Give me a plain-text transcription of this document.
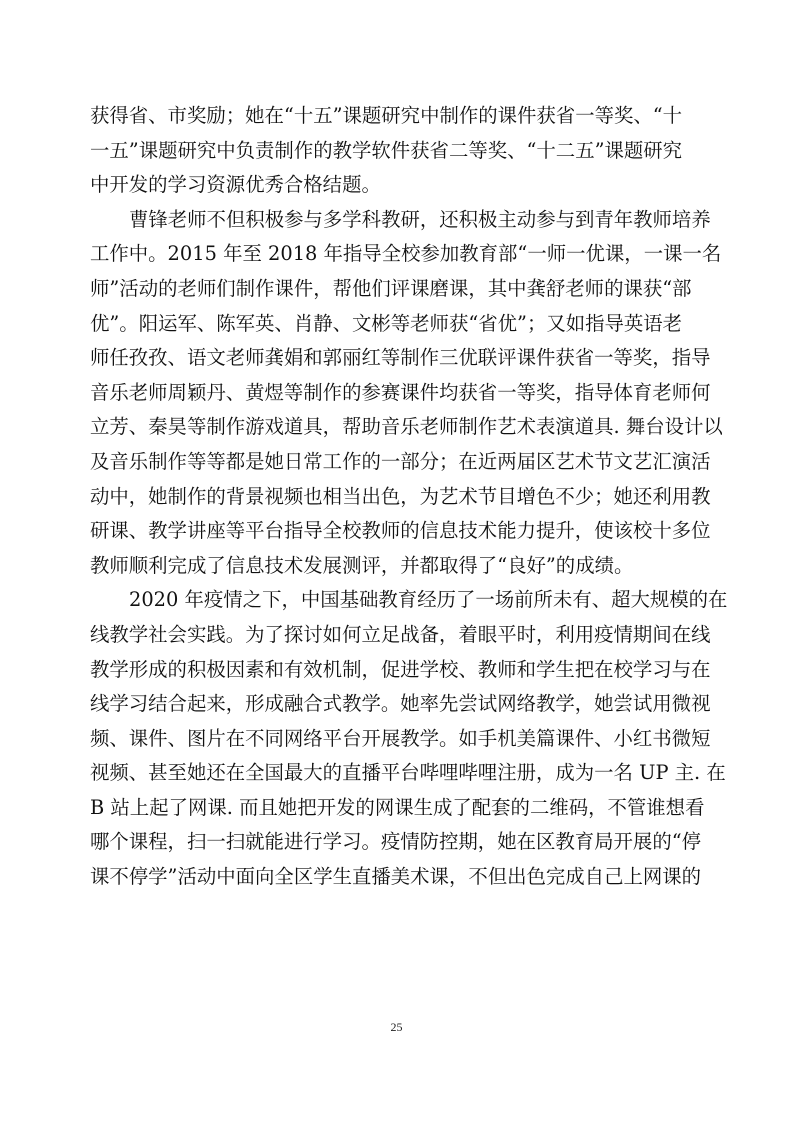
获得省、市奖励；她在“十五”课题研究中制作的课件获省一等奖、“十
一五”课题研究中负责制作的教学软件获省二等奖、“十二五”课题研究
中开发的学习资源优秀合格结题。
曹锋老师不但积极参与多学科教研，还积极主动参与到青年教师培养
工作中。2015 年至 2018 年指导全校参加教育部“一师一优课，一课一名
师”活动的老师们制作课件，帮他们评课磨课，其中龚舒老师的课获“部
优”。阳运军、陈军英、肖静、文彬等老师获“省优”；又如指导英语老
师任孜孜、语文老师龚娟和郭丽红等制作三优联评课件获省一等奖，指导
音乐老师周颖丹、黄煜等制作的参赛课件均获省一等奖，指导体育老师何
立芳、秦昊等制作游戏道具，帮助音乐老师制作艺术表演道具. 舞台设计以
及音乐制作等等都是她日常工作的一部分；在近两届区艺术节文艺汇演活
动中，她制作的背景视频也相当出色，为艺术节目增色不少；她还利用教
研课、教学讲座等平台指导全校教师的信息技术能力提升，使该校十多位
教师顺利完成了信息技术发展测评，并都取得了“良好”的成绩。
2020 年疫情之下，中国基础教育经历了一场前所未有、超大规模的在
线教学社会实践。为了探讨如何立足战备，着眼平时，利用疫情期间在线
教学形成的积极因素和有效机制，促进学校、教师和学生把在校学习与在
线学习结合起来，形成融合式教学。她率先尝试网络教学，她尝试用微视
频、课件、图片在不同网络平台开展教学。如手机美篇课件、小红书微短
视频、甚至她还在全国最大的直播平台哔哩哔哩注册，成为一名 UP 主. 在
B 站上起了网课. 而且她把开发的网课生成了配套的二维码，不管谁想看
哪个课程，扫一扫就能进行学习。疫情防控期，她在区教育局开展的“停
课不停学”活动中面向全区学生直播美术课，不但出色完成自己上网课的
25
